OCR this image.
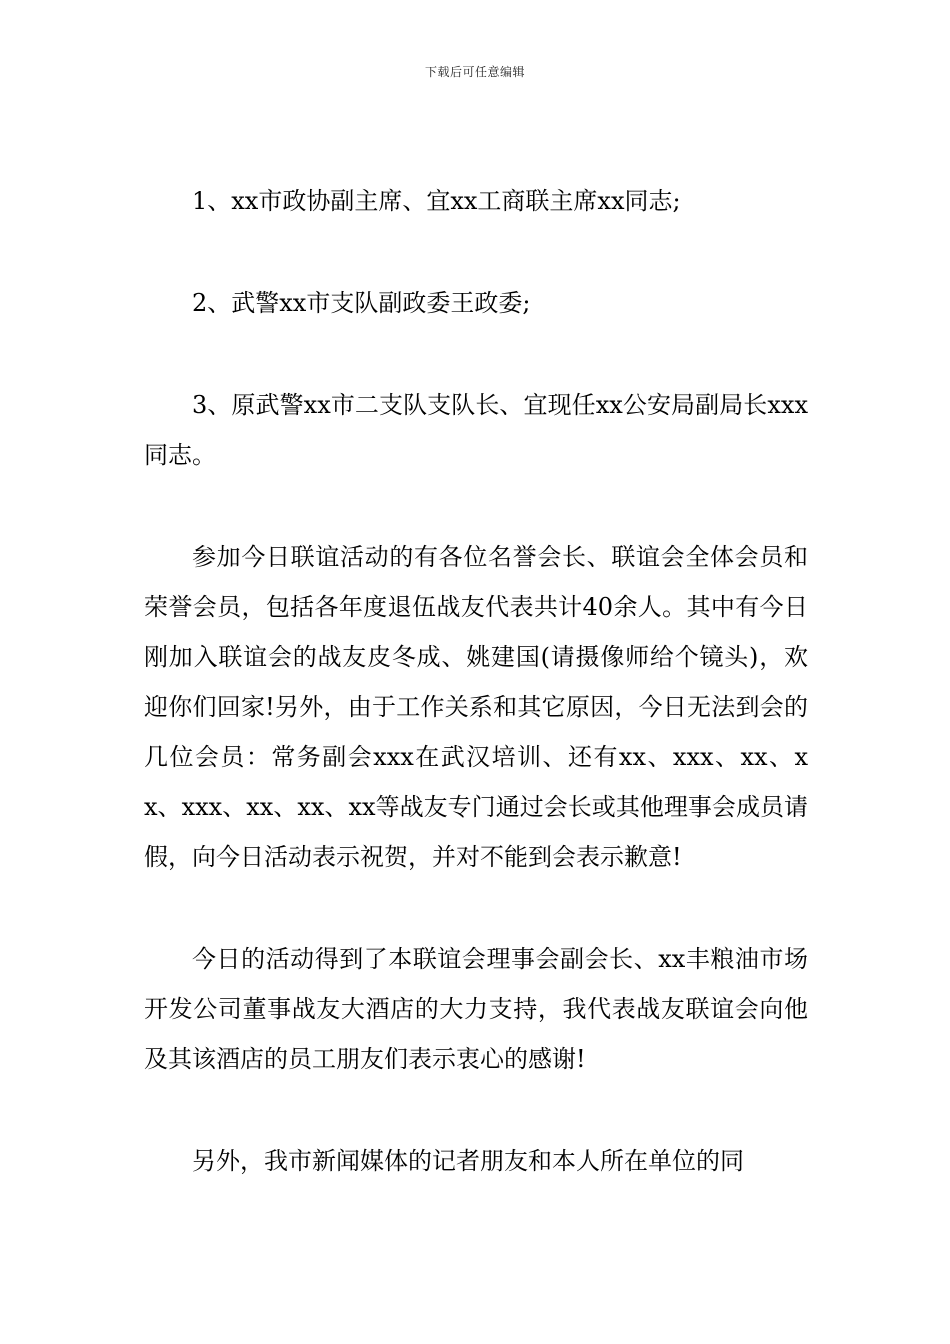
下载后可任意编辑

1、xx市政协副主席、宜xx工商联主席xx同志;

2、武警xx市支队副政委王政委;

3、原武警xx市二支队支队长、宜现任xx公安局副局长xxx同志。

参加今日联谊活动的有各位名誉会长、联谊会全体会员和荣誉会员，包括各年度退伍战友代表共计40余人。其中有今日刚加入联谊会的战友皮冬成、姚建国(请摄像师给个镜头)，欢迎你们回家!另外，由于工作关系和其它原因，今日无法到会的几位会员：常务副会xxx在武汉培训、还有xx、xxx、xx、xx、xxx、xx、xx、xx等战友专门通过会长或其他理事会成员请假，向今日活动表示祝贺，并对不能到会表示歉意!

今日的活动得到了本联谊会理事会副会长、xx丰粮油市场开发公司董事战友大酒店的大力支持，我代表战友联谊会向他及其该酒店的员工朋友们表示衷心的感谢!

另外，我市新闻媒体的记者朋友和本人所在单位的同
